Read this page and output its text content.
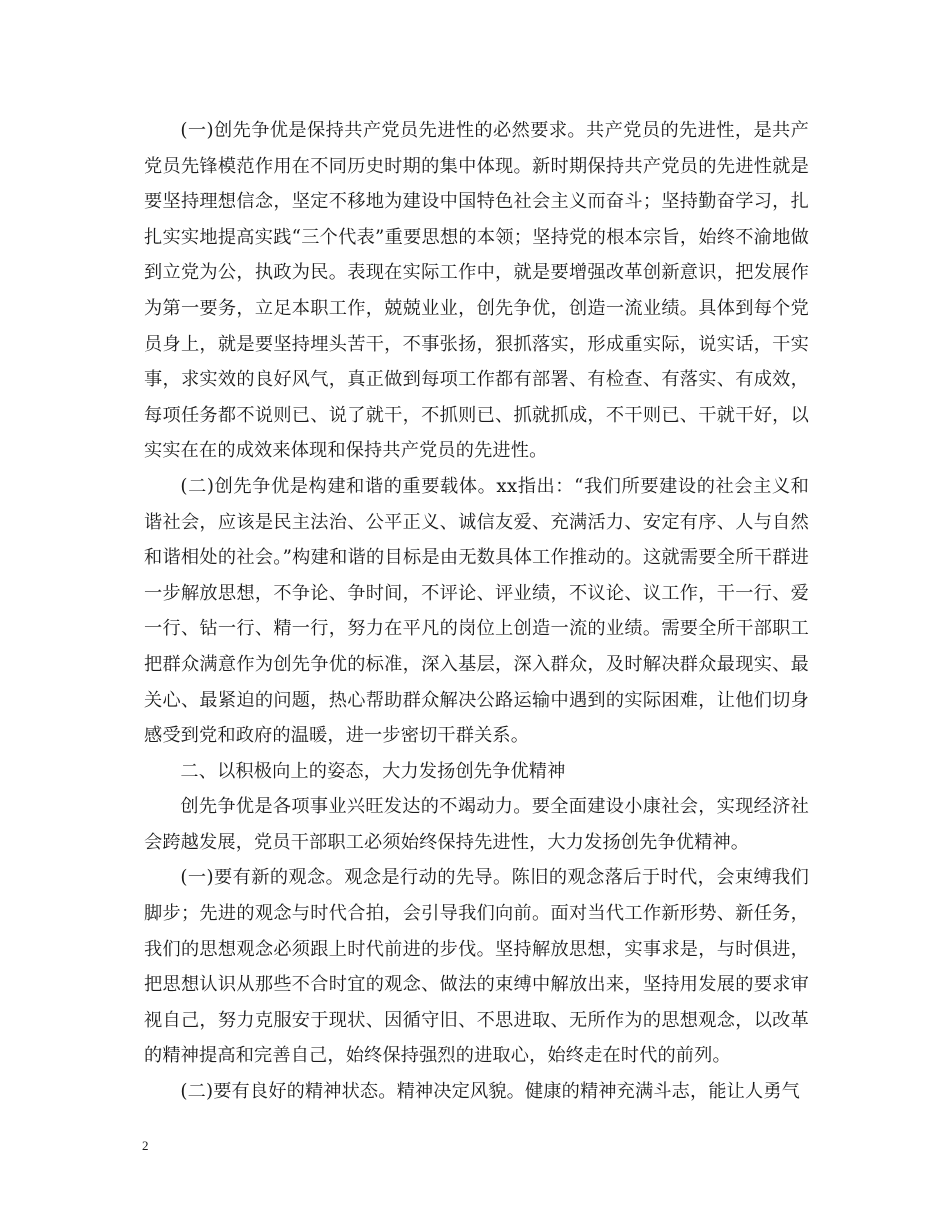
(一)创先争优是保持共产党员先进性的必然要求。共产党员的先进性，是共产党员先锋模范作用在不同历史时期的集中体现。新时期保持共产党员的先进性就是要坚持理想信念，坚定不移地为建设中国特色社会主义而奋斗；坚持勤奋学习，扎扎实实地提高实践“三个代表”重要思想的本领；坚持党的根本宗旨，始终不渝地做到立党为公，执政为民。表现在实际工作中，就是要增强改革创新意识，把发展作为第一要务，立足本职工作，兢兢业业，创先争优，创造一流业绩。具体到每个党员身上，就是要坚持埋头苦干，不事张扬，狠抓落实，形成重实际，说实话，干实事，求实效的良好风气，真正做到每项工作都有部署、有检查、有落实、有成效，每项任务都不说则已、说了就干，不抓则已、抓就抓成，不干则已、干就干好，以实实在在的成效来体现和保持共产党员的先进性。

(二)创先争优是构建和谐的重要载体。xx指出：“我们所要建设的社会主义和谐社会，应该是民主法治、公平正义、诚信友爱、充满活力、安定有序、人与自然和谐相处的社会。”构建和谐的目标是由无数具体工作推动的。这就需要全所干群进一步解放思想，不争论、争时间，不评论、评业绩，不议论、议工作，干一行、爱一行、钻一行、精一行，努力在平凡的岗位上创造一流的业绩。需要全所干部职工把群众满意作为创先争优的标准，深入基层，深入群众，及时解决群众最现实、最关心、最紧迫的问题，热心帮助群众解决公路运输中遇到的实际困难，让他们切身感受到党和政府的温暖，进一步密切干群关系。

二、以积极向上的姿态，大力发扬创先争优精神

创先争优是各项事业兴旺发达的不竭动力。要全面建设小康社会，实现经济社会跨越发展，党员干部职工必须始终保持先进性，大力发扬创先争优精神。

(一)要有新的观念。观念是行动的先导。陈旧的观念落后于时代，会束缚我们脚步；先进的观念与时代合拍，会引导我们向前。面对当代工作新形势、新任务，我们的思想观念必须跟上时代前进的步伐。坚持解放思想，实事求是，与时俱进，把思想认识从那些不合时宜的观念、做法的束缚中解放出来，坚持用发展的要求审视自己，努力克服安于现状、因循守旧、不思进取、无所作为的思想观念，以改革的精神提高和完善自己，始终保持强烈的进取心，始终走在时代的前列。

(二)要有良好的精神状态。精神决定风貌。健康的精神充满斗志，能让人勇气

2
